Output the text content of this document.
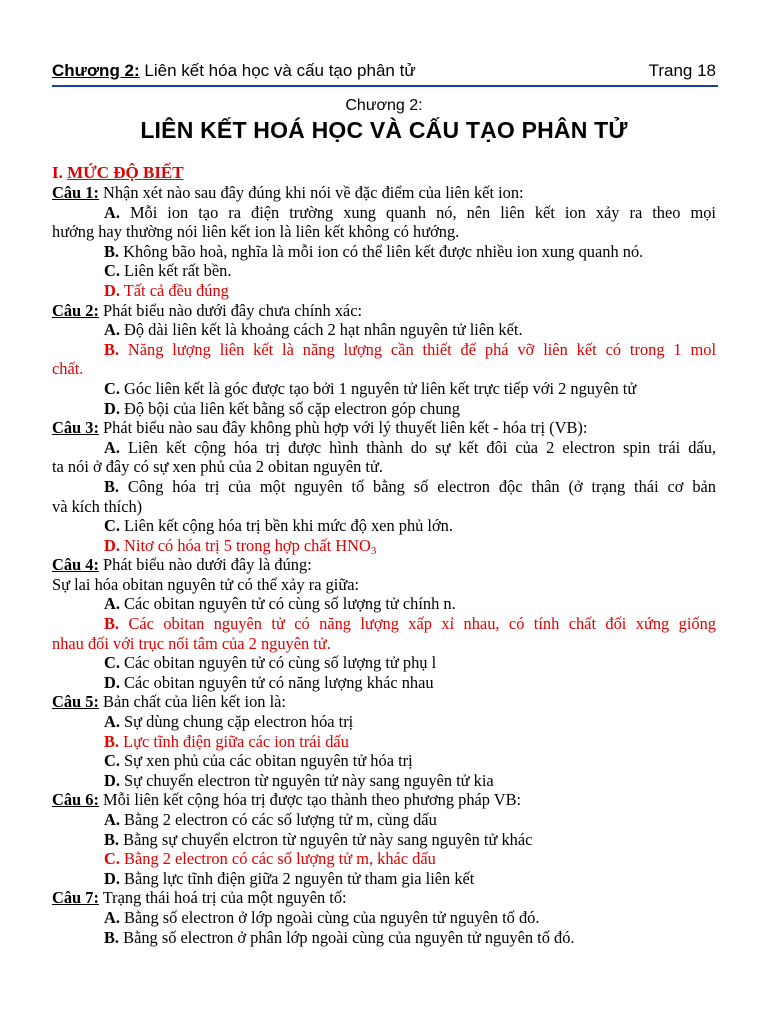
Chương 2: Liên kết hóa học và cấu tạo phân tử	Trang 18
Chương 2:
LIÊN KẾT HOÁ HỌC VÀ CẤU TẠO PHÂN TỬ
I. MỨC ĐỘ BIẾT
Câu 1: Nhận xét nào sau đây đúng khi nói về đặc điểm của liên kết ion:
A. Mỗi ion tạo ra điện trường xung quanh nó, nên liên kết ion xảy ra theo mọi
hướng hay thường nói liên kết ion là liên kết không có hướng.
B. Không bão hoà, nghĩa là mỗi ion có thể liên kết được nhiều ion xung quanh nó.
C. Liên kết rất bền.
D. Tất cả đều đúng
Câu 2: Phát biểu nào dưới đây chưa chính xác:
A. Độ dài liên kết là khoảng cách 2 hạt nhân nguyên tử liên kết.
B. Năng lượng liên kết là năng lượng cần thiết để phá vỡ liên kết có trong 1 mol
chất.
C. Góc liên kết là góc được tạo bởi 1 nguyên tử liên kết trực tiếp với 2 nguyên tử
D. Độ bội của liên kết bằng số cặp electron góp chung
Câu 3: Phát biểu nào sau đây không phù hợp với lý thuyết liên kết - hóa trị (VB):
A. Liên kết cộng hóa trị được hình thành do sự kết đôi của 2 electron spin trái dấu,
ta nói ở đây có sự xen phủ của 2 obitan nguyên tử.
B. Công hóa trị của một nguyên tố bằng số electron độc thân (ở trạng thái cơ bản
và kích thích)
C. Liên kết cộng hóa trị bền khi mức độ xen phủ lớn.
D. Nitơ có hóa trị 5 trong hợp chất $HNO_3$
Câu 4: Phát biểu nào dưới đây là đúng:
Sự lai hóa obitan nguyên tử có thể xảy ra giữa:
A. Các obitan nguyên tử có cùng số lượng tử chính n.
B. Các obitan nguyên tử có năng lượng xấp xỉ nhau, có tính chất đối xứng giống
nhau đối với trục nối tâm của 2 nguyên tử.
C. Các obitan nguyên tử có cùng số lượng tử phụ l
D. Các obitan nguyên tử có năng lượng khác nhau
Câu 5: Bản chất của liên kết ion là:
A. Sự dùng chung cặp electron hóa trị
B. Lực tĩnh điện giữa các ion trái dấu
C. Sự xen phủ của các obitan nguyên tử hóa trị
D. Sự chuyển electron từ nguyên tử này sang nguyên tử kia
Câu 6: Mỗi liên kết cộng hóa trị được tạo thành theo phương pháp VB:
A. Bằng 2 electron có các số lượng tử m, cùng dấu
B. Bằng sự chuyển elctron từ nguyên tử này sang nguyên tử khác
C. Bằng 2 electron có các số lượng tử m, khác dấu
D. Bằng lực tĩnh điện giữa 2 nguyên tử tham gia liên kết
Câu 7: Trạng thái hoá trị của một nguyên tố:
A. Bằng số electron ở lớp ngoài cùng của nguyên tử nguyên tố đó.
B. Bằng số electron ở phân lớp ngoài cùng của nguyên tử nguyên tố đó.
